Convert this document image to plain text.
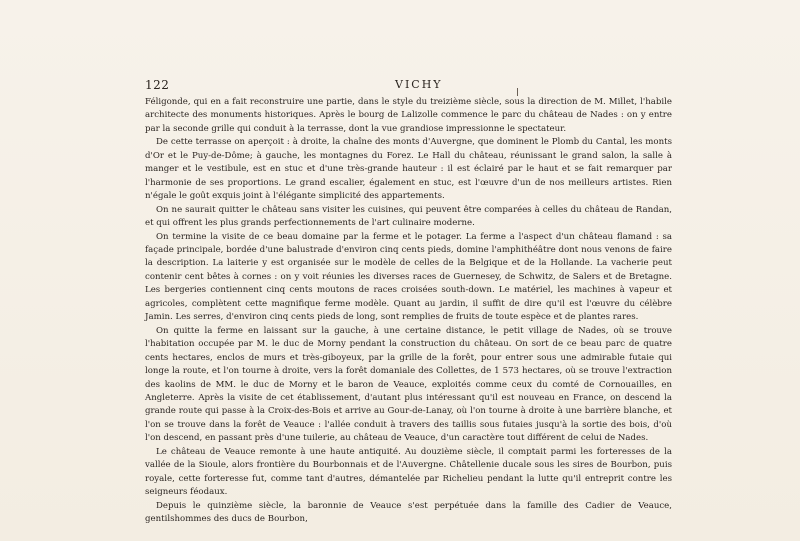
122	VICHY

Féligonde, qui en a fait reconstruire une partie, dans le style du treizième siècle, sous la direction de M. Millet, l'habile architecte des monuments historiques. Après le bourg de Lalizolle commence le parc du château de Nades : on y entre par la seconde grille qui conduit à la terrasse, dont la vue grandiose impressionne le spectateur.

De cette terrasse on aperçoit : à droite, la chaîne des monts d'Auvergne, que dominent le Plomb du Cantal, les monts d'Or et le Puy-de-Dôme; à gauche, les montagnes du Forez. Le Hall du château, réunissant le grand salon, la salle à manger et le vestibule, est en stuc et d'une très-grande hauteur : il est éclairé par le haut et se fait remarquer par l'harmonie de ses proportions. Le grand escalier, également en stuc, est l'œuvre d'un de nos meilleurs artistes. Rien n'égale le goût exquis joint à l'élégante simplicité des appartements.

On ne saurait quitter le château sans visiter les cuisines, qui peuvent être comparées à celles du château de Randan, et qui offrent les plus grands perfectionnements de l'art culinaire moderne.

On termine la visite de ce beau domaine par la ferme et le potager. La ferme a l'aspect d'un château flamand : sa façade principale, bordée d'une balustrade d'environ cinq cents pieds, domine l'amphithéâtre dont nous venons de faire la description. La laiterie y est organisée sur le modèle de celles de la Belgique et de la Hollande. La vacherie peut contenir cent bêtes à cornes : on y voit réunies les diverses races de Guernesey, de Schwitz, de Salers et de Bretagne. Les bergeries contiennent cinq cents moutons de races croisées south-down. Le matériel, les machines à vapeur et agricoles, complètent cette magnifique ferme modèle. Quant au jardin, il suffit de dire qu'il est l'œuvre du célèbre Jamin. Les serres, d'environ cinq cents pieds de long, sont remplies de fruits de toute espèce et de plantes rares.

On quitte la ferme en laissant sur la gauche, à une certaine distance, le petit village de Nades, où se trouve l'habitation occupée par M. le duc de Morny pendant la construction du château. On sort de ce beau parc de quatre cents hectares, enclos de murs et très-giboyeux, par la grille de la forêt, pour entrer sous une admirable futaie qui longe la route, et l'on tourne à droite, vers la forêt domaniale des Collettes, de 1 573 hectares, où se trouve l'extraction des kaolins de MM. le duc de Morny et le baron de Veauce, exploités comme ceux du comté de Cornouailles, en Angleterre. Après la visite de cet établissement, d'autant plus intéressant qu'il est nouveau en France, on descend la grande route qui passe à la Croix-des-Bois et arrive au Gour-de-Lanay, où l'on tourne à droite à une barrière blanche, et l'on se trouve dans la forêt de Veauce : l'allée conduit à travers des taillis sous futaies jusqu'à la sortie des bois, d'où l'on descend, en passant près d'une tuilerie, au château de Veauce, d'un caractère tout différent de celui de Nades.

Le château de Veauce remonte à une haute antiquité. Au douzième siècle, il comptait parmi les forteresses de la vallée de la Sioule, alors frontière du Bourbonnais et de l'Auvergne. Châtellenie ducale sous les sires de Bourbon, puis royale, cette forteresse fut, comme tant d'autres, démantelée par Richelieu pendant la lutte qu'il entreprit contre les seigneurs féodaux.

Depuis le quinzième siècle, la baronnie de Veauce s'est perpétuée dans la famille des Cadier de Veauce, gentilshommes des ducs de Bourbon,
